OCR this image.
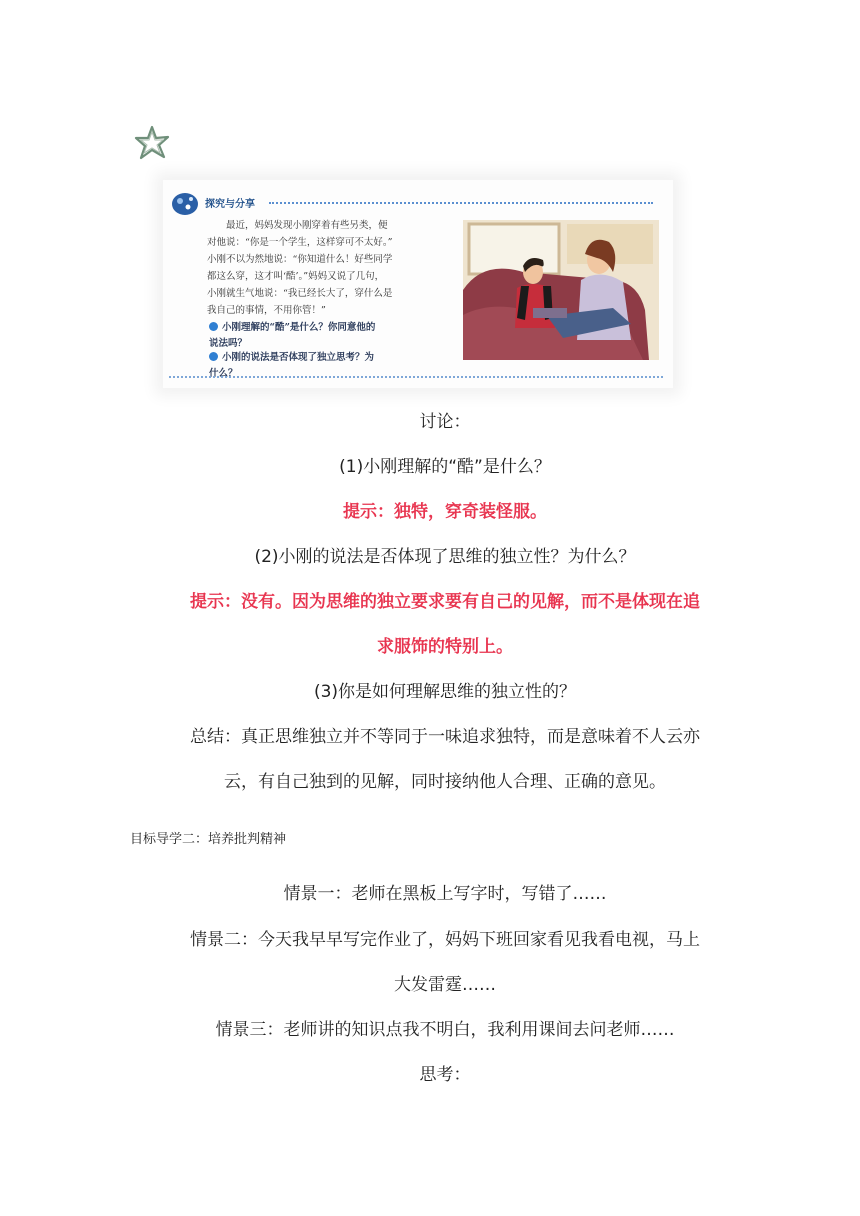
探究与分享

最近，妈妈发现小刚穿着有些另类，便

对他说：“你是一个学生，这样穿可不太好。”

小刚不以为然地说：“你知道什么！好些同学

都这么穿，这才叫‘酷’。”妈妈又说了几句，

小刚就生气地说：“我已经长大了，穿什么是

我自己的事情，不用你管！”

小刚理解的“酷”是什么？你同意他的
说法吗？
小刚的说法是否体现了独立思考？为
什么？
讨论：
(1)小刚理解的“酷”是什么？
提示：独特，穿奇装怪服。
(2)小刚的说法是否体现了思维的独立性？为什么？
提示：没有。因为思维的独立要求要有自己的见解，而不是体现在追
求服饰的特别上。
(3)你是如何理解思维的独立性的？
总结：真正思维独立并不等同于一味追求独特，而是意味着不人云亦
云，有自己独到的见解，同时接纳他人合理、正确的意见。
目标导学二：培养批判精神
情景一：老师在黑板上写字时，写错了……
情景二：今天我早早写完作业了，妈妈下班回家看见我看电视，马上
大发雷霆……
情景三：老师讲的知识点我不明白，我利用课间去问老师……
思考：
